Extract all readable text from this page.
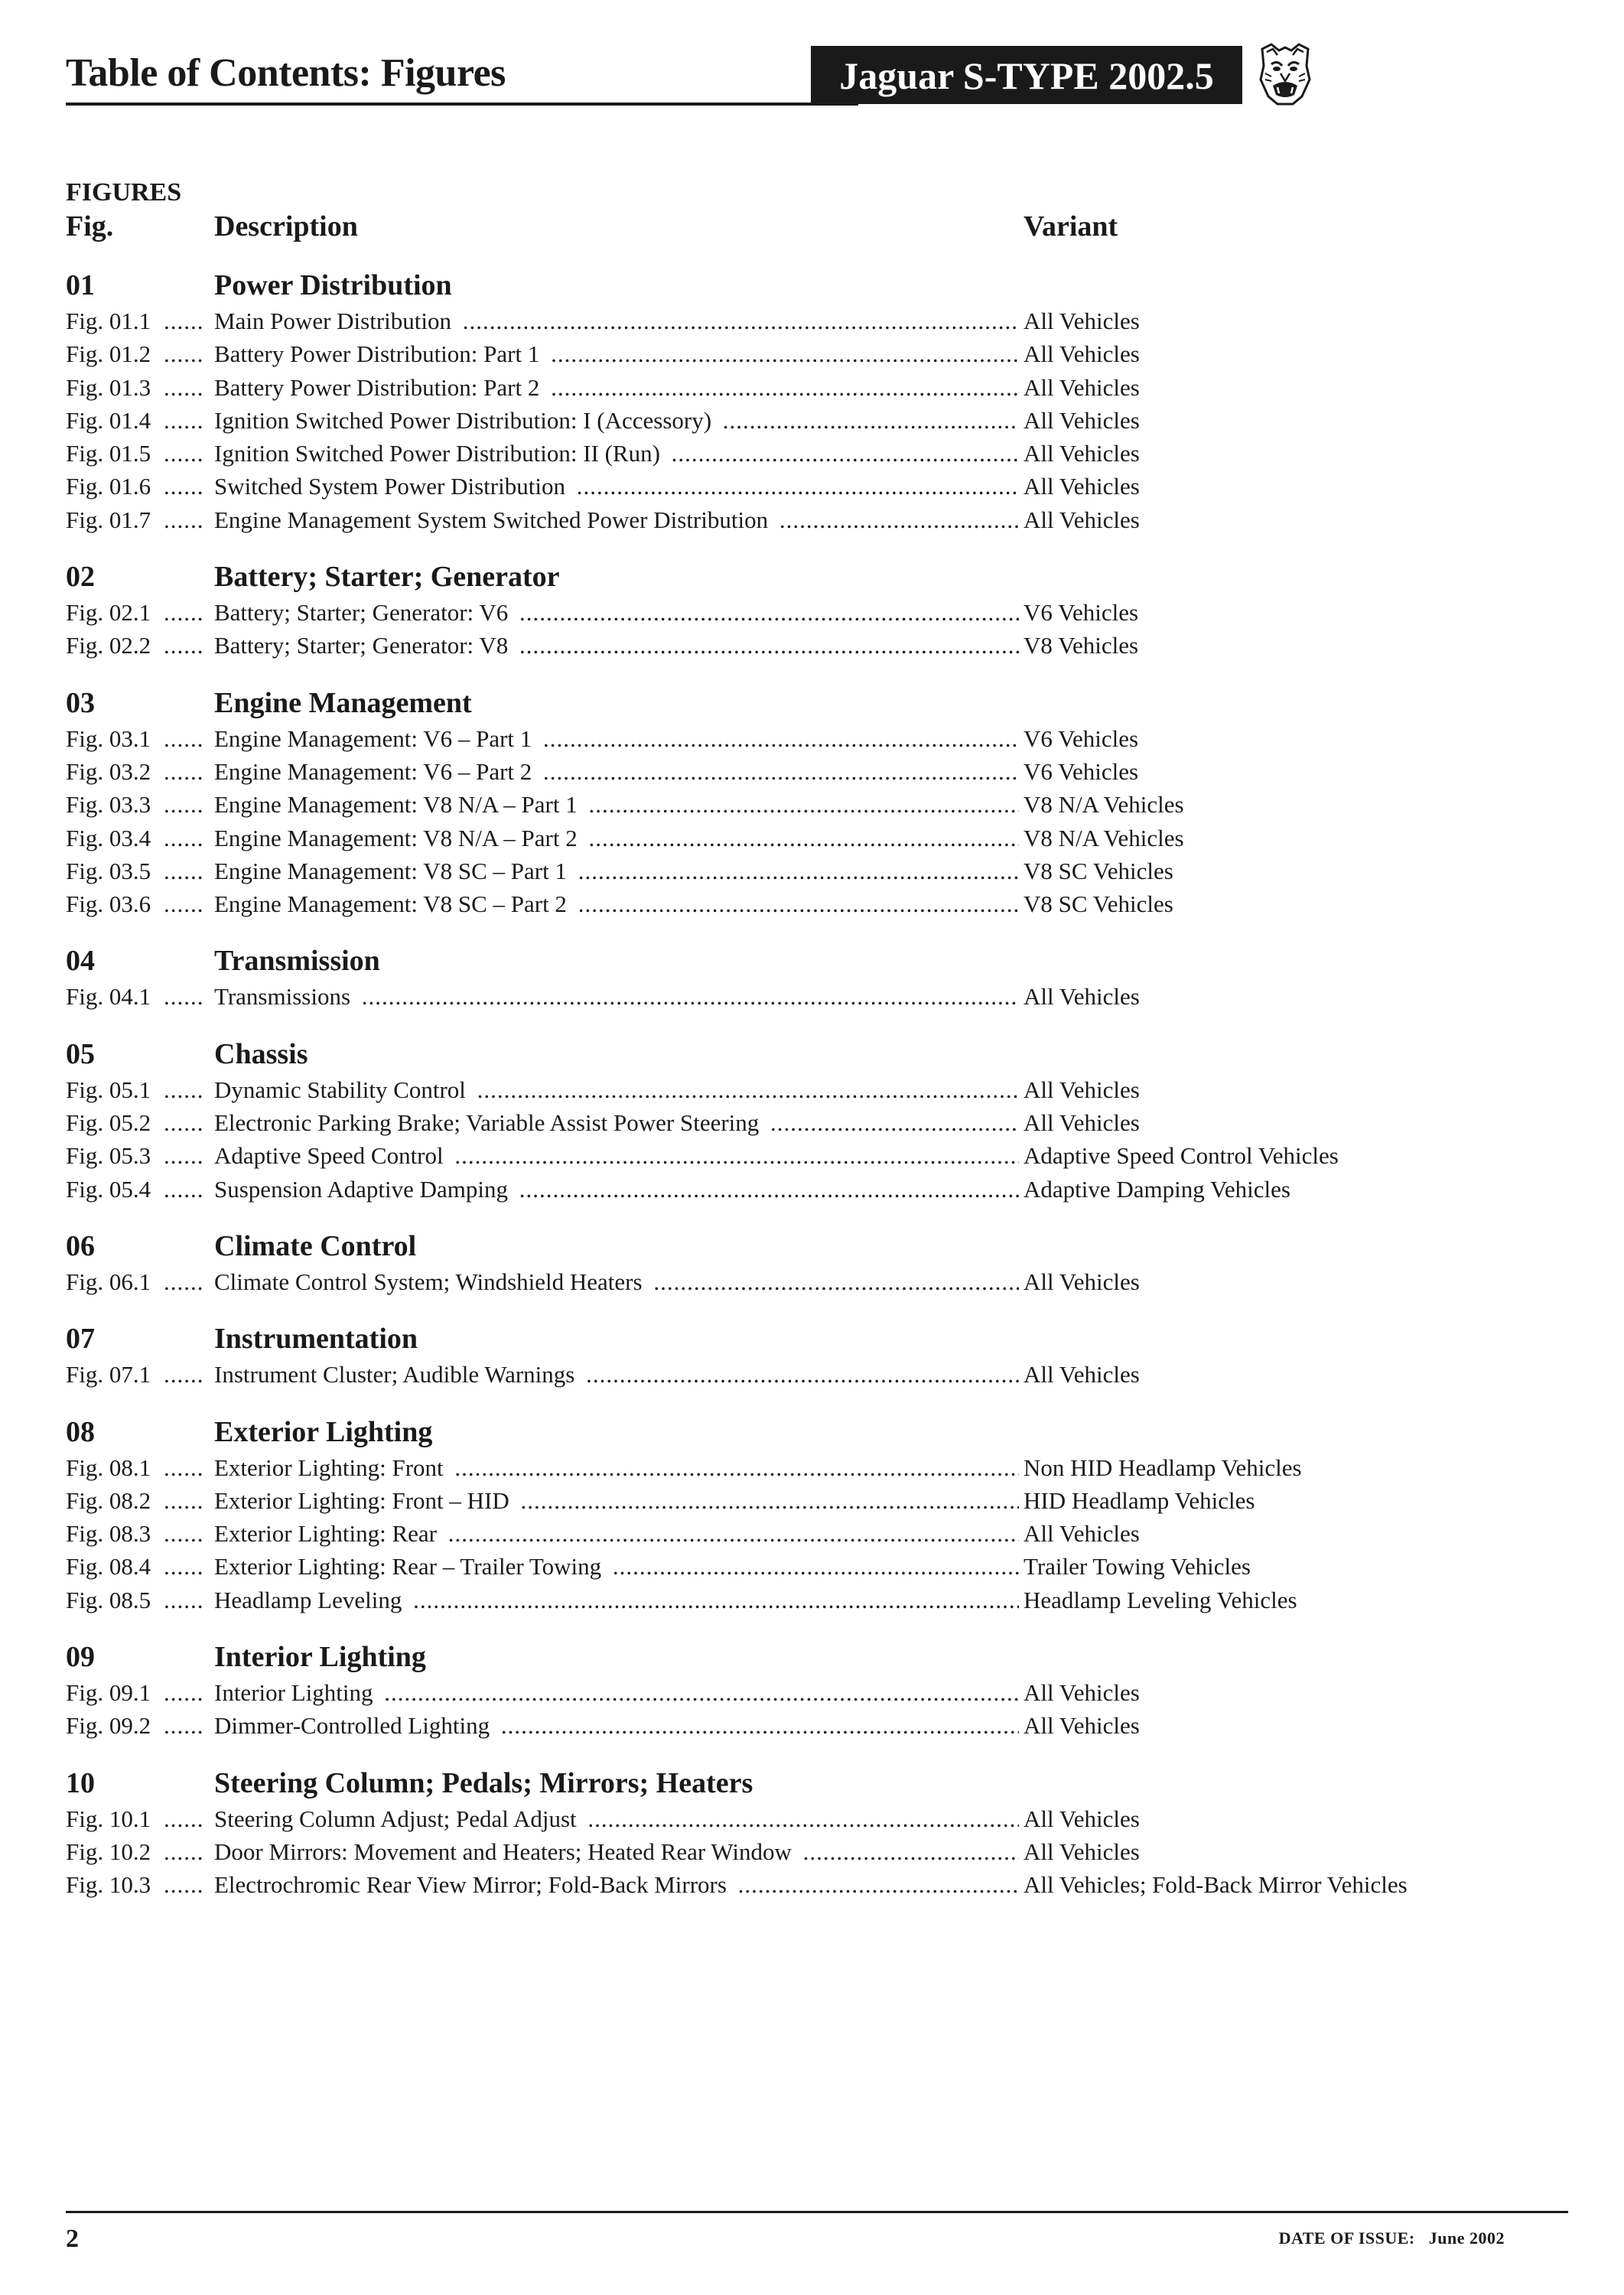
Table of Contents: Figures	Jaguar S-TYPE 2002.5
FIGURES
Fig.	Description	Variant
01	Power Distribution
Fig. 01.1 ......	Main Power Distribution .....	All Vehicles
Fig. 01.2 ......	Battery Power Distribution: Part 1 .....	All Vehicles
Fig. 01.3 ......	Battery Power Distribution: Part 2 .....	All Vehicles
Fig. 01.4 ......	Ignition Switched Power Distribution: I (Accessory) .....	All Vehicles
Fig. 01.5 ......	Ignition Switched Power Distribution: II (Run) .....	All Vehicles
Fig. 01.6 ......	Switched System Power Distribution .....	All Vehicles
Fig. 01.7 ......	Engine Management System Switched Power Distribution .....	All Vehicles
02	Battery; Starter; Generator
Fig. 02.1 ......	Battery; Starter; Generator: V6 .....	V6 Vehicles
Fig. 02.2 ......	Battery; Starter; Generator: V8 .....	V8 Vehicles
03	Engine Management
Fig. 03.1 ......	Engine Management: V6 – Part 1 .....	V6 Vehicles
Fig. 03.2 ......	Engine Management: V6 – Part 2 .....	V6 Vehicles
Fig. 03.3 ......	Engine Management: V8 N/A – Part 1 .....	V8 N/A Vehicles
Fig. 03.4 ......	Engine Management: V8 N/A – Part 2 .....	V8 N/A Vehicles
Fig. 03.5 ......	Engine Management: V8 SC – Part 1 .....	V8 SC Vehicles
Fig. 03.6 ......	Engine Management: V8 SC – Part 2 .....	V8 SC Vehicles
04	Transmission
Fig. 04.1 ......	Transmissions .....	All Vehicles
05	Chassis
Fig. 05.1 ......	Dynamic Stability Control .....	All Vehicles
Fig. 05.2 ......	Electronic Parking Brake; Variable Assist Power Steering .....	All Vehicles
Fig. 05.3 ......	Adaptive Speed Control .....	Adaptive Speed Control Vehicles
Fig. 05.4 ......	Suspension Adaptive Damping .....	Adaptive Damping Vehicles
06	Climate Control
Fig. 06.1 ......	Climate Control System; Windshield Heaters .....	All Vehicles
07	Instrumentation
Fig. 07.1 ......	Instrument Cluster; Audible Warnings .....	All Vehicles
08	Exterior Lighting
Fig. 08.1 ......	Exterior Lighting: Front .....	Non HID Headlamp Vehicles
Fig. 08.2 ......	Exterior Lighting: Front – HID .....	HID Headlamp Vehicles
Fig. 08.3 ......	Exterior Lighting: Rear .....	All Vehicles
Fig. 08.4 ......	Exterior Lighting: Rear – Trailer Towing .....	Trailer Towing Vehicles
Fig. 08.5 ......	Headlamp Leveling .....	Headlamp Leveling Vehicles
09	Interior Lighting
Fig. 09.1 ......	Interior Lighting .....	All Vehicles
Fig. 09.2 ......	Dimmer-Controlled Lighting .....	All Vehicles
10	Steering Column; Pedals; Mirrors; Heaters
Fig. 10.1 ......	Steering Column Adjust; Pedal Adjust .....	All Vehicles
Fig. 10.2 ......	Door Mirrors: Movement and Heaters; Heated Rear Window .....	All Vehicles
Fig. 10.3 ......	Electrochromic Rear View Mirror; Fold-Back Mirrors .....	All Vehicles; Fold-Back Mirror Vehicles
2	DATE OF ISSUE: June 2002
